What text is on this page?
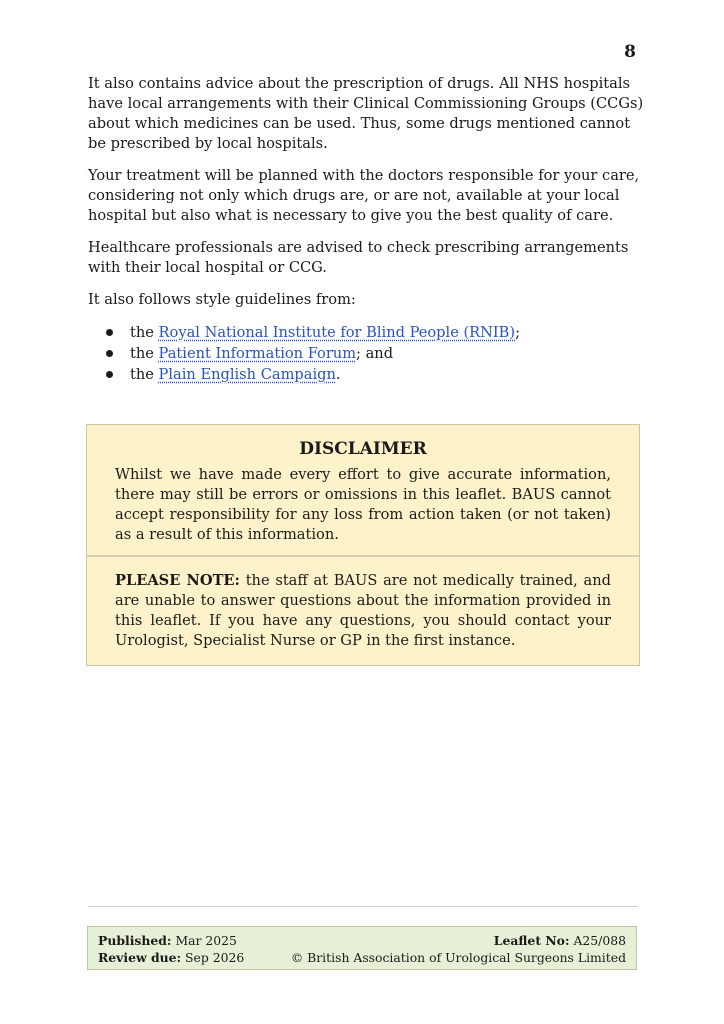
8

It also contains advice about the prescription of drugs. All NHS hospitals have local arrangements with their Clinical Commissioning Groups (CCGs) about which medicines can be used. Thus, some drugs mentioned cannot be prescribed by local hospitals.

Your treatment will be planned with the doctors responsible for your care, considering not only which drugs are, or are not, available at your local hospital but also what is necessary to give you the best quality of care.

Healthcare professionals are advised to check prescribing arrangements with their local hospital or CCG.

It also follows style guidelines from:

the Royal National Institute for Blind People (RNIB);
the Patient Information Forum; and
the Plain English Campaign.
DISCLAIMER
Whilst we have made every effort to give accurate information, there may still be errors or omissions in this leaflet. BAUS cannot accept responsibility for any loss from action taken (or not taken) as a result of this information.
PLEASE NOTE: the staff at BAUS are not medically trained, and are unable to answer questions about the information provided in this leaflet. If you have any questions, you should contact your Urologist, Specialist Nurse or GP in the first instance.
Published: Mar 2025
Review due: Sep 2026
Leaflet No: A25/088
© British Association of Urological Surgeons Limited
